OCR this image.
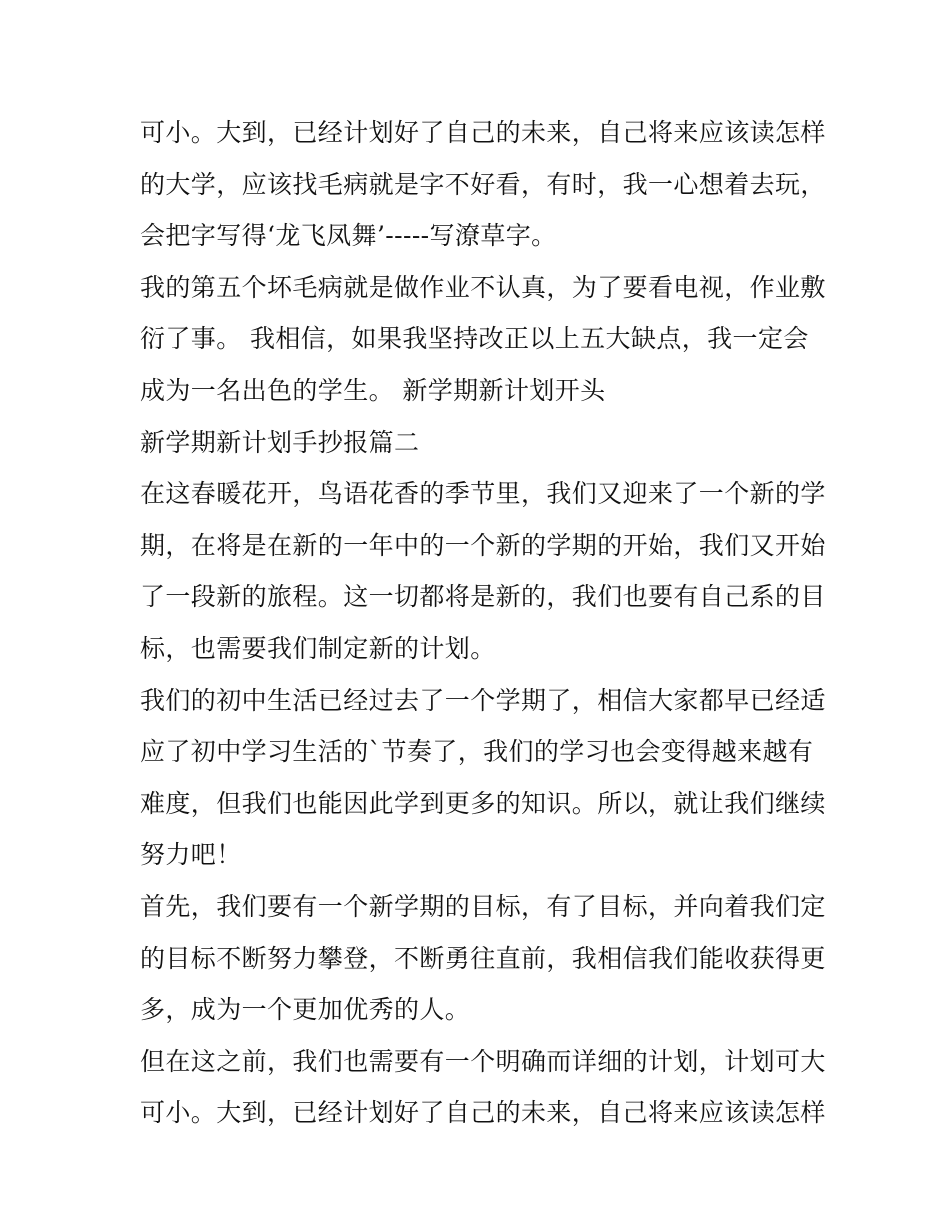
可小。大到，已经计划好了自己的未来，自己将来应该读怎样
的大学，应该找毛病就是字不好看，有时，我一心想着去玩，
会把字写得‘龙飞凤舞’-----写潦草字。
我的第五个坏毛病就是做作业不认真，为了要看电视，作业敷
衍了事。 我相信，如果我坚持改正以上五大缺点，我一定会
成为一名出色的学生。 新学期新计划开头
新学期新计划手抄报篇二
在这春暖花开，鸟语花香的季节里，我们又迎来了一个新的学
期，在将是在新的一年中的一个新的学期的开始，我们又开始
了一段新的旅程。这一切都将是新的，我们也要有自己系的目
标，也需要我们制定新的计划。
我们的初中生活已经过去了一个学期了，相信大家都早已经适
应了初中学习生活的`节奏了，我们的学习也会变得越来越有
难度，但我们也能因此学到更多的知识。所以，就让我们继续
努力吧！
首先，我们要有一个新学期的目标，有了目标，并向着我们定
的目标不断努力攀登，不断勇往直前，我相信我们能收获得更
多，成为一个更加优秀的人。
但在这之前，我们也需要有一个明确而详细的计划，计划可大
可小。大到，已经计划好了自己的未来，自己将来应该读怎样
